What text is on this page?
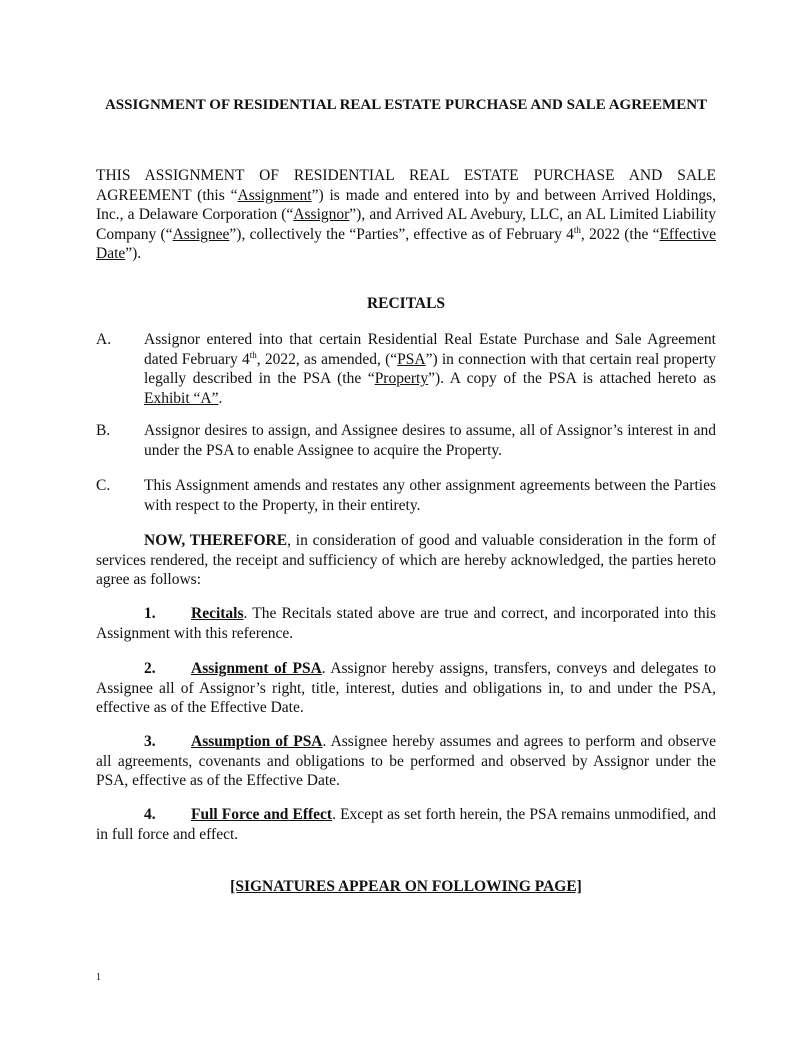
ASSIGNMENT OF RESIDENTIAL REAL ESTATE PURCHASE AND SALE AGREEMENT
THIS ASSIGNMENT OF RESIDENTIAL REAL ESTATE PURCHASE AND SALE AGREEMENT (this “Assignment”) is made and entered into by and between Arrived Holdings, Inc., a Delaware Corporation (“Assignor”), and Arrived AL Avebury, LLC, an AL Limited Liability Company (“Assignee”), collectively the “Parties”, effective as of February 4th, 2022 (the “Effective Date”).
RECITALS
A. Assignor entered into that certain Residential Real Estate Purchase and Sale Agreement dated February 4th, 2022, as amended, (“PSA”) in connection with that certain real property legally described in the PSA (the “Property”). A copy of the PSA is attached hereto as Exhibit “A”.
B. Assignor desires to assign, and Assignee desires to assume, all of Assignor’s interest in and under the PSA to enable Assignee to acquire the Property.
C. This Assignment amends and restates any other assignment agreements between the Parties with respect to the Property, in their entirety.
NOW, THEREFORE, in consideration of good and valuable consideration in the form of services rendered, the receipt and sufficiency of which are hereby acknowledged, the parties hereto agree as follows:
1. Recitals. The Recitals stated above are true and correct, and incorporated into this Assignment with this reference.
2. Assignment of PSA. Assignor hereby assigns, transfers, conveys and delegates to Assignee all of Assignor’s right, title, interest, duties and obligations in, to and under the PSA, effective as of the Effective Date.
3. Assumption of PSA. Assignee hereby assumes and agrees to perform and observe all agreements, covenants and obligations to be performed and observed by Assignor under the PSA, effective as of the Effective Date.
4. Full Force and Effect. Except as set forth herein, the PSA remains unmodified, and in full force and effect.
[SIGNATURES APPEAR ON FOLLOWING PAGE]
1
